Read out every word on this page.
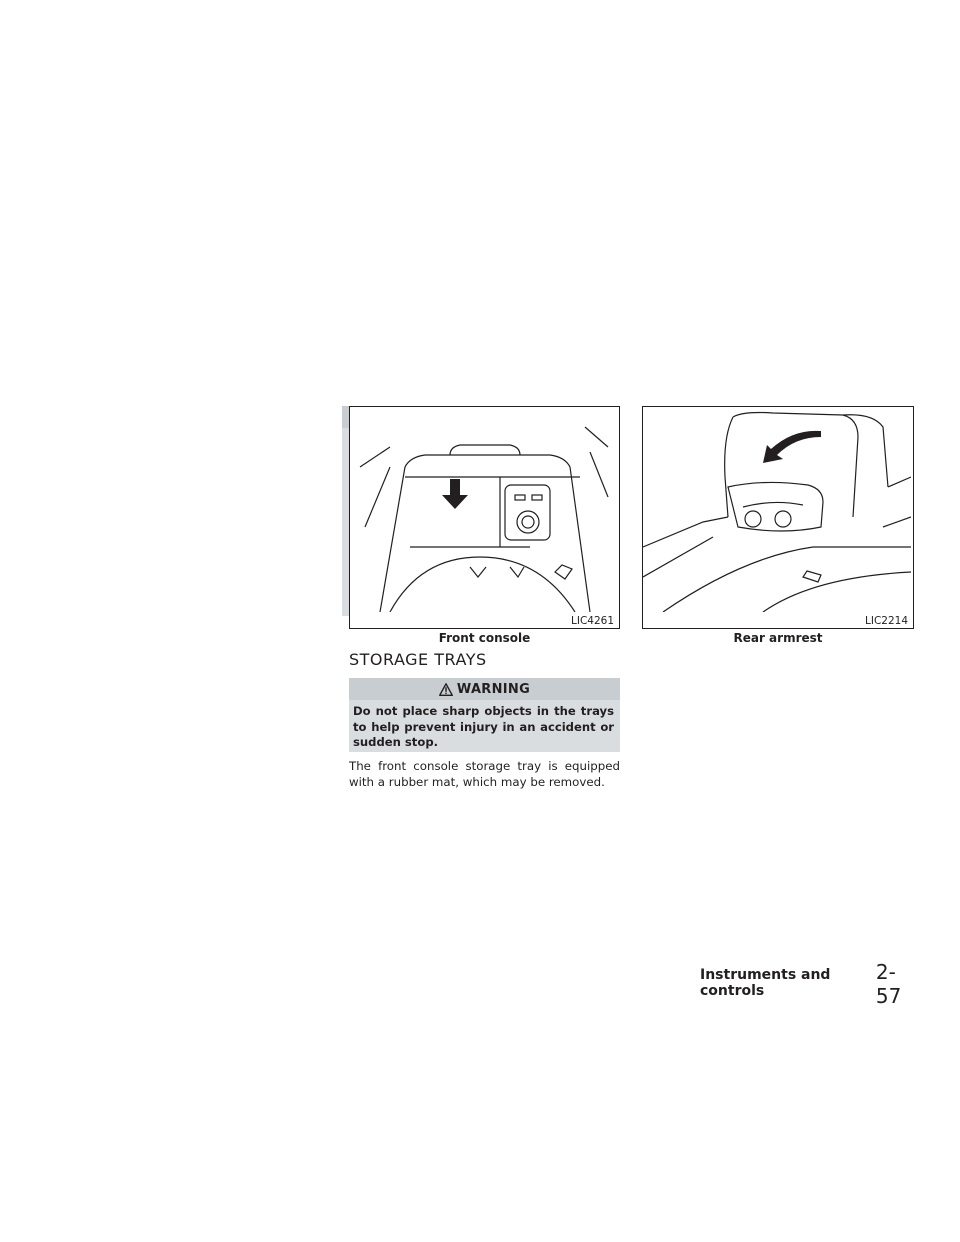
LIC4261
Front console
LIC2214
Rear armrest
STORAGE TRAYS
WARNING

Do not place sharp objects in the trays to help prevent injury in an accident or sudden stop.

The front console storage tray is equipped with a rubber mat, which may be removed.
Instruments and controls
2-57
